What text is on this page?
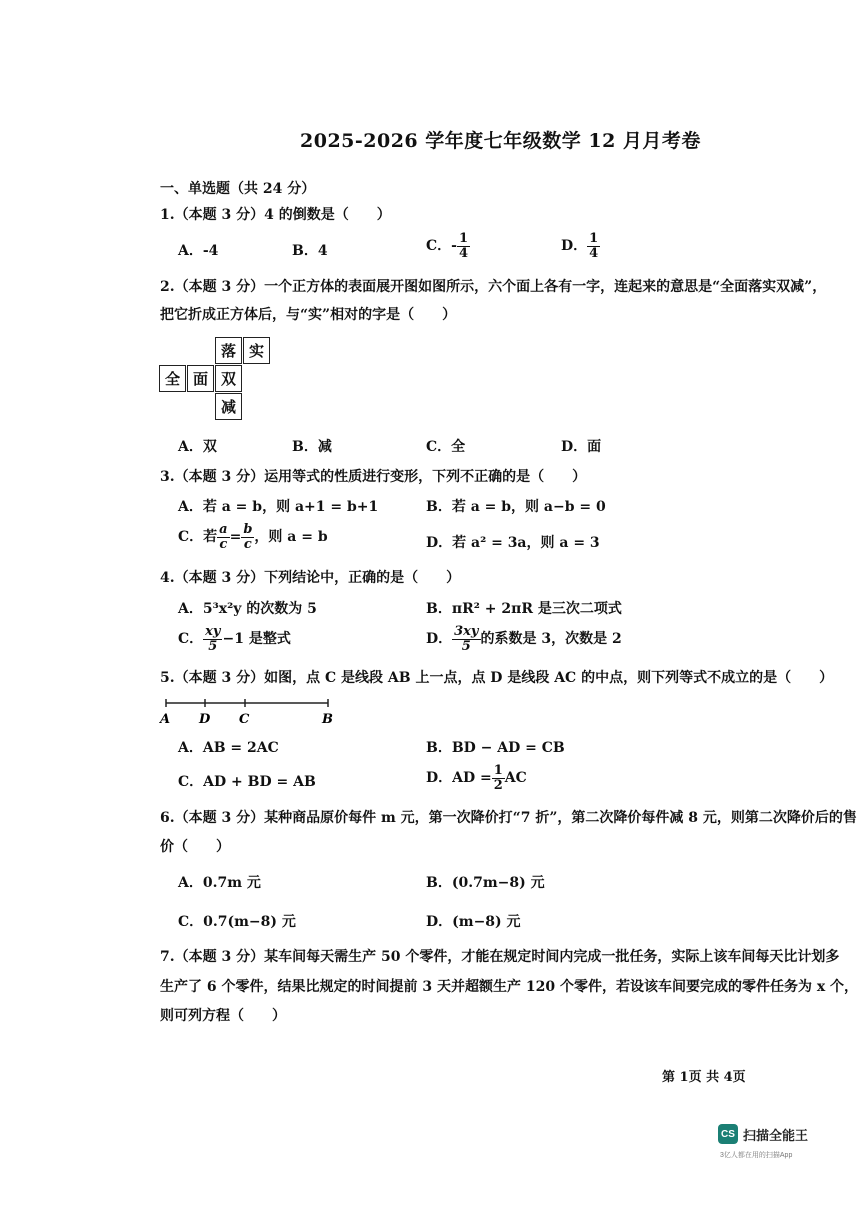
2025-2026 学年度七年级数学 12 月月考卷
一、单选题（共 24 分）
1.（本题 3 分）4 的倒数是（　　）
A．-4	B．4	C．- $\frac{1}{4}$	D． $\frac{1}{4}$
2.（本题 3 分）一个正方体的表面展开图如图所示，六个面上各有一字，连起来的意思是“全面落实双减”，
把它折成正方体后，与“实”相对的字是（　　）
落 实
全 面 双
减
A．双	B．减	C．全	D．面
3.（本题 3 分）运用等式的性质进行变形，下列不正确的是（　　）
A．若 a = b，则 a+1 = b+1	B．若 a = b，则 a−b = 0
C．若 $\frac{a}{c} = \frac{b}{c}$ ，则 a = b	D．若 a² = 3a，则 a = 3
4.（本题 3 分）下列结论中，正确的是（　　）
A．5³x²y 的次数为 5	B．πR² + 2πR 是三次二项式
C． $\frac{xy}{5} -1$ 是整式	D． $\frac{3xy}{5}$ 的系数是 3，次数是 2
5.（本题 3 分）如图，点 C 是线段 AB 上一点，点 D 是线段 AC 的中点，则下列等式不成立的是（　　）
A D C	B
A．AB = 2AC	B．BD − AD = CB
C．AD + BD = AB	D．AD = $\frac{1}{2}$ AC
6.（本题 3 分）某种商品原价每件 m 元，第一次降价打“7 折”，第二次降价每件减 8 元，则第二次降价后的售
价（　　）
A．0.7m 元	B．(0.7m−8) 元
C．0.7(m−8) 元	D．(m−8) 元
7.（本题 3 分）某车间每天需生产 50 个零件，才能在规定时间内完成一批任务，实际上该车间每天比计划多
生产了 6 个零件，结果比规定的时间提前 3 天并超额生产 120 个零件，若设该车间要完成的零件任务为 x 个，
则可列方程（　　）
第 1页 共 4页
CS 扫描全能王
3亿人都在用的扫描App
